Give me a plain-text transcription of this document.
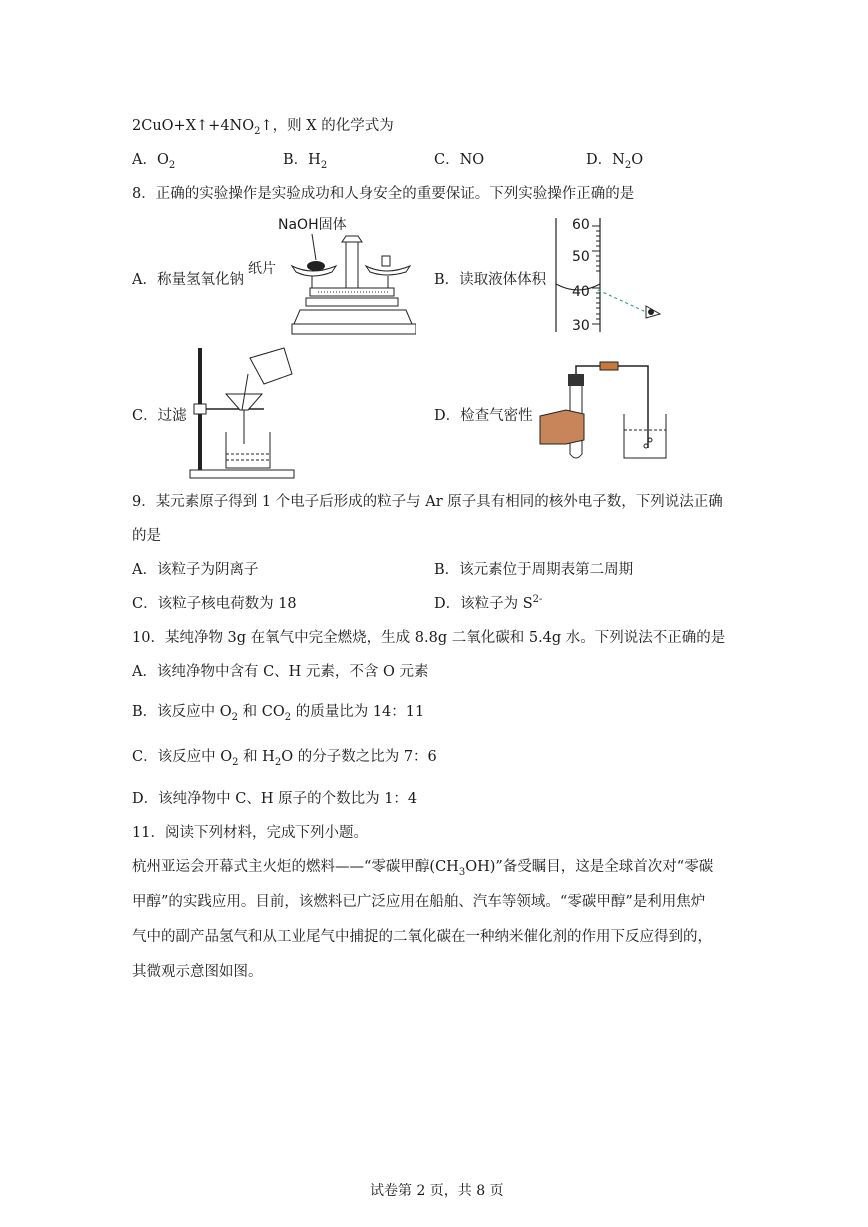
$2CuO+X↑+4NO_2↑$，则 X 的化学式为
A．$O_2$	B．$H_2$	C．NO	D．$N_2O$
8．正确的实验操作是实验成功和人身安全的重要保证。下列实验操作正确的是
A．称量氢氧化钠
NaOH固体
纸片
B．读取液体体积
60
50
40
30
C．过滤	D．检查气密性
9．某元素原子得到 1 个电子后形成的粒子与 Ar 原子具有相同的核外电子数，下列说法正确
的是
A．该粒子为阴离子	B．该元素位于周期表第二周期
C．该粒子核电荷数为 18	D．该粒子为 $S^{2-}$
10．某纯净物 3g 在氧气中完全燃烧，生成 8.8g 二氧化碳和 5.4g 水。下列说法不正确的是
A．该纯净物中含有 C、H 元素，不含 O 元素
B．该反应中 $O_2$ 和 $CO_2$ 的质量比为 14：11
C．该反应中 $O_2$ 和 $H_2O$ 的分子数之比为 7：6
D．该纯净物中 C、H 原子的个数比为 1：4
11．阅读下列材料，完成下列小题。
杭州亚运会开幕式主火炬的燃料——“零碳甲醇$(CH_3OH)$”备受瞩目，这是全球首次对“零碳
甲醇”的实践应用。目前，该燃料已广泛应用在船舶、汽车等领域。“零碳甲醇”是利用焦炉
气中的副产品氢气和从工业尾气中捕捉的二氧化碳在一种纳米催化剂的作用下反应得到的，
其微观示意图如图。
试卷第 2 页，共 8 页
